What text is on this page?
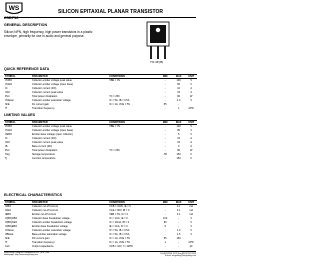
WS	SILICON EPITAXIAL PLANAR TRANSISTOR
GENERAL DESCRIPTION
Silicon NPN, high frequency, high power transistors in a plastic envelope, primarily for use in audio and general purpose.
TO-3P(I5)
QUICK REFERENCE DATA
SYMBOL	PARAMETER	CONDITIONS	MIN	MAX	UNIT
VCBO	Collector-emitter voltage peak value	VBE = 0V	-	100	V
VCEO	Collector-emitter voltage (open base)		-	80	V
IC	Collector current (DC)		-	10	A
ICM	Collector current peak value		-	15	A
Ptot	Total power dissipation	TC = 25C	-	80	W
VCEsat	Collector-emitter saturation voltage	IC = 5A, IB = 0.5A	-	1.0	V
hFE	Dc current gain	IC = 1A, VCE = 5V	55	-	
fT	Transition frequency		-	1	MHz
LIMITING VALUES
SYMBOL	PARAMETER	CONDITIONS	MIN	MAX	UNIT
VCBO	Collector-emitter voltage peak value	VBE = 0V	-	100	V
VCEO	Collector-emitter voltage (open base)		-	80	V
VEBO	Emitter-base voltage (open collector)		-	5	V
IC	Collector current (DC)		-	10	A
ICM	Collector current peak value		-	15	A
IB	Base current (DC)		-	3	A
Ptot	Total power dissipation	TC = 25C	-	80	W
Tstg	Storage temperature		-55	150	C
Tj	Junction temperature		-	150	C
ELECTRICAL CHARACTERISTICS
SYMBOL	PARAMETER	CONDITIONS	MIN	MAX	UNIT
ICBO	Collector cut-off current	VCB = 100V, IE = 0	-	0.1	mA
ICEO	Collector cut-off current	VCE = 80V, IB = 0	-	0.1	mA
IEBO	Emitter cut-off current	VEB = 5V, IC = 0	-	0.1	mA
V(BR)CBO	Collector-base breakdown voltage	IC = 1mA, IE = 0	100	-	V
V(BR)CEO	Collector-emitter breakdown voltage	IC = 10mA, IB = 0	80	-	V
V(BR)EBO	Emitter-base breakdown voltage	IE = 1mA, IC = 0	5	-	V
VCEsat	Collector-emitter saturation voltage	IC = 5A, IB = 0.5A	-	1.0	V
VBEsat	Base-emitter saturation voltage	IC = 5A, IB = 0.5A	-	1.5	V
hFE	DC current gain	IC = 1A, VCE = 5V	55	160	
fT	Transition frequency	IC = 1A, VCE = 5V	1	-	MHz
Cob	Output capacitance	VCB = 10V, f = 1MHz	-	-	pF
Wing Shing Computer Components Co., (H.K.) Ltd.
Homepage: http://www.wingshing.com
Tel:(852)2341 9276 Fax:(852)2797 8153
E-mail: wingshing@wingshing.com
